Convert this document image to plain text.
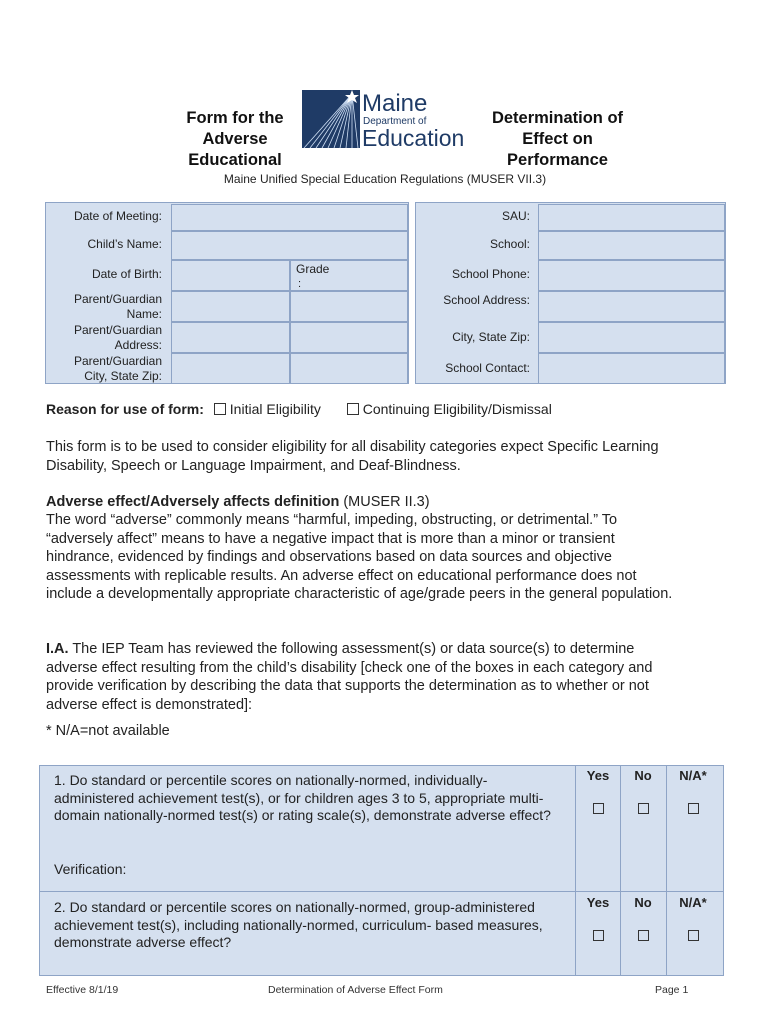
Form for the
Adverse
Educational
Maine
Department of
Education
Determination of
Effect on
Performance
Maine Unified Special Education Regulations (MUSER VII.3)
Date of Meeting:
Child’s Name:
Date of Birth:	Grade
:
Parent/Guardian
Name:
Parent/Guardian
Address:
Parent/Guardian
City, State Zip:
SAU:
School:
School Phone:
School Address:
City, State Zip:
School Contact:
Reason for use of form: Initial Eligibility	Continuing Eligibility/Dismissal
This form is to be used to consider eligibility for all disability categories expect Specific Learning Disability, Speech or Language Impairment, and Deaf-Blindness.
Adverse effect/Adversely affects definition (MUSER II.3)
The word “adverse” commonly means “harmful, impeding, obstructing, or detrimental.” To “adversely affect” means to have a negative impact that is more than a minor or transient hindrance, evidenced by findings and observations based on data sources and objective assessments with replicable results. An adverse effect on educational performance does not include a developmentally appropriate characteristic of age/grade peers in the general population.
I.A. The IEP Team has reviewed the following assessment(s) or data source(s) to determine adverse effect resulting from the child’s disability [check one of the boxes in each category and provide verification by describing the data that supports the determination as to whether or not adverse effect is demonstrated]:
* N/A=not available
1. Do standard or percentile scores on nationally-normed, individually- administered achievement test(s), or for children ages 3 to 5, appropriate multi-domain nationally-normed test(s) or rating scale(s), demonstrate adverse effect?
Verification:
Yes	No	N/A*
2. Do standard or percentile scores on nationally-normed, group-administered achievement test(s), including nationally-normed, curriculum- based measures, demonstrate adverse effect?
Yes	No	N/A*
Effective 8/1/19	Determination of Adverse Effect Form	Page 1
